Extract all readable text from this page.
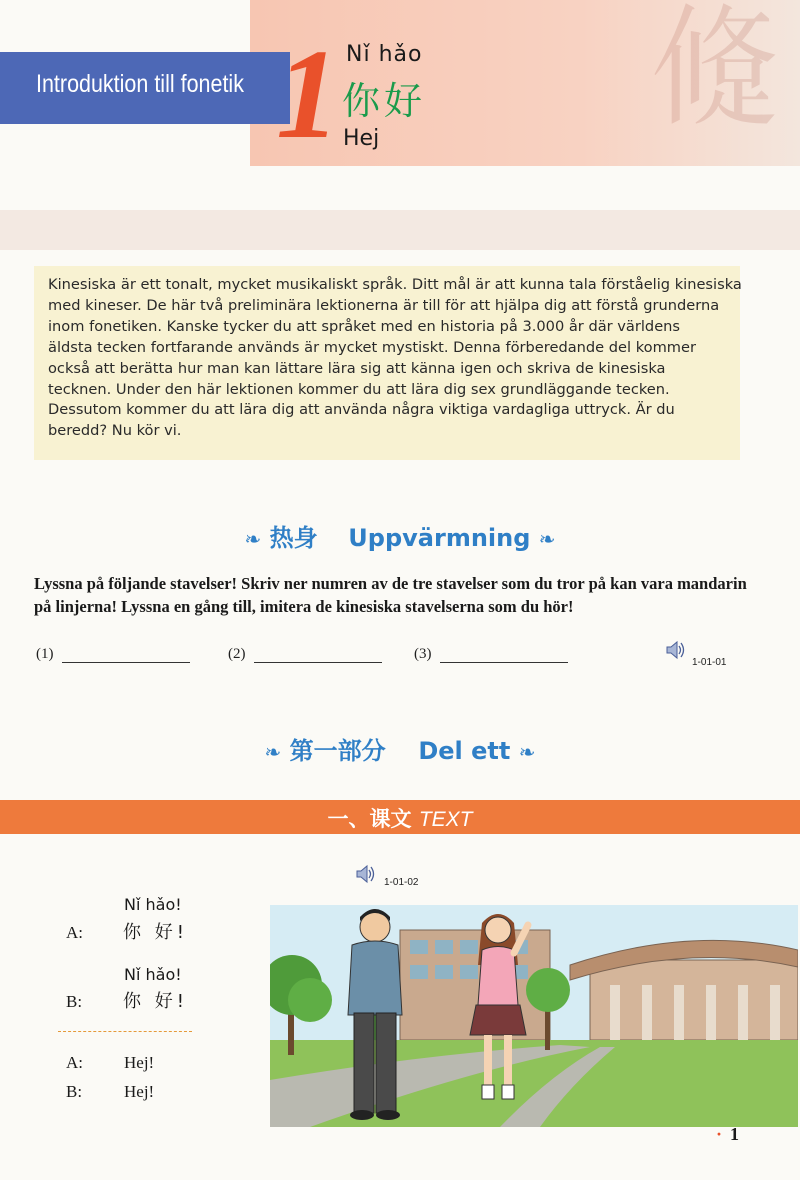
𨁀
Introduktion till fonetik 1 Nǐ hǎo
你好
Hej
Kinesiska är ett tonalt, mycket musikaliskt språk. Ditt mål är att kunna tala förståelig kinesiska
med kineser. De här två preliminära lektionerna är till för att hjälpa dig att förstå grunderna
inom fonetiken. Kanske tycker du att språket med en historia på 3.000 år där världens
äldsta tecken fortfarande används är mycket mystiskt. Denna förberedande del kommer
också att berätta hur man kan lättare lära sig att känna igen och skriva de kinesiska
tecknen. Under den här lektionen kommer du att lära dig sex grundläggande tecken.
Dessutom kommer du att lära dig att använda några viktiga vardagliga uttryck. Är du
beredd? Nu kör vi.
❧ 热身 Uppvärmning ❧
Lyssna på följande stavelser! Skriv ner numren av de tre stavelser som du tror på kan vara mandarin på linjerna! Lyssna en gång till, imitera de kinesiska stavelserna som du hör!
(1)	(2)	(3)
1-01-01
❧ 第一部分 Del ett ❧
一、课文 TEXT
1-01-02
Nǐ hǎo!
A: 你 好!
Nǐ hǎo!
B: 你 好!
A: Hej!
B: Hej!
· 1
